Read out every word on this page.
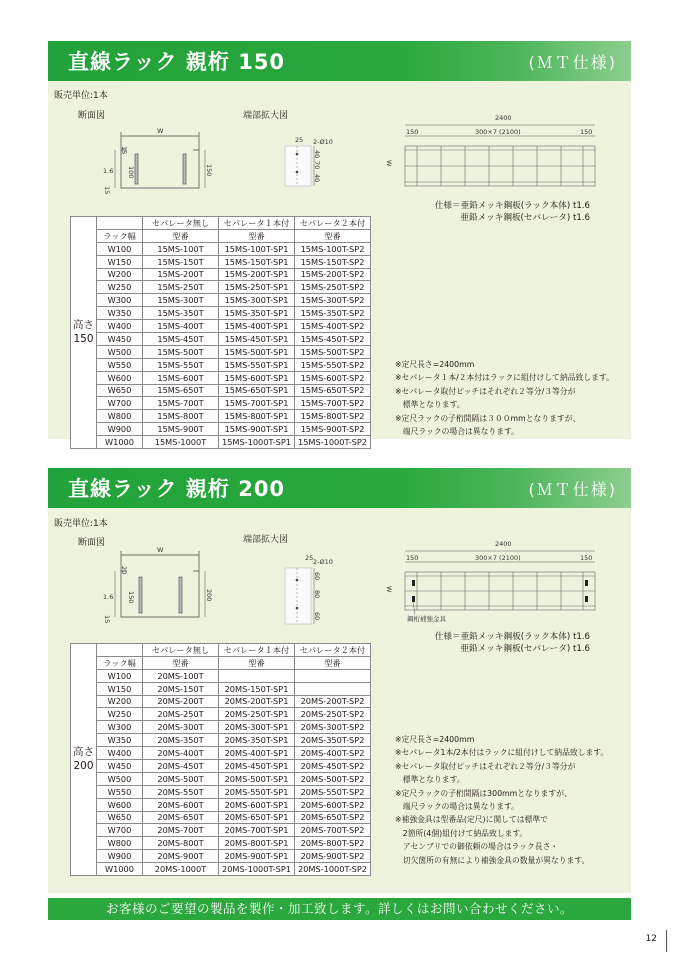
直線ラック 親桁 150	(ＭＴ仕様)
販売単位:1本
断面図	端部拡大図
W
15
100	150
1.6
15
25 2-Ø10
40
70
40
2400
150	300×7 (2100)	150
W
仕様＝亜鉛メッキ鋼板(ラック本体) t1.6
亜鉛メッキ鋼板(セパレータ) t1.6
高さ
150		セパレータ無し	セパレータ１本付	セパレータ２本付
	ラック幅	型番	型番	型番
	W100	15MS-100T	15MS-100T-SP1	15MS-100T-SP2
	W150	15MS-150T	15MS-150T-SP1	15MS-150T-SP2
	W200	15MS-200T	15MS-200T-SP1	15MS-200T-SP2
	W250	15MS-250T	15MS-250T-SP1	15MS-250T-SP2
	W300	15MS-300T	15MS-300T-SP1	15MS-300T-SP2
	W350	15MS-350T	15MS-350T-SP1	15MS-350T-SP2
	W400	15MS-400T	15MS-400T-SP1	15MS-400T-SP2
	W450	15MS-450T	15MS-450T-SP1	15MS-450T-SP2
	W500	15MS-500T	15MS-500T-SP1	15MS-500T-SP2
	W550	15MS-550T	15MS-550T-SP1	15MS-550T-SP2
	W600	15MS-600T	15MS-600T-SP1	15MS-600T-SP2
	W650	15MS-650T	15MS-650T-SP1	15MS-650T-SP2
	W700	15MS-700T	15MS-700T-SP1	15MS-700T-SP2
	W800	15MS-800T	15MS-800T-SP1	15MS-800T-SP2
	W900	15MS-900T	15MS-900T-SP1	15MS-900T-SP2
	W1000	15MS-1000T	15MS-1000T-SP1	15MS-1000T-SP2
※定尺長さ=2400mm
※セパレータ１本/２本付はラックに組付けして納品致します。
※セパレータ取付ピッチはそれぞれ２等分/３等分が
　標準となります。
※定尺ラックの子桁間隔は３００mmとなりますが、
　端尺ラックの場合は異なります。
直線ラック 親桁 200	(ＭＴ仕様)
販売単位:1本
断面図	端部拡大図
W
20
150	200
1.6
15
25 2-Ø10
60
80
60
2400
150	300×7 (2100)	150
W
鋼桁補強金具
仕様＝亜鉛メッキ鋼板(ラック本体) t1.6
亜鉛メッキ鋼板(セパレータ) t1.6
高さ
200		セパレータ無し	セパレータ１本付	セパレータ２本付
	ラック幅	型番	型番	型番
	W100	20MS-100T		
	W150	20MS-150T	20MS-150T-SP1	
	W200	20MS-200T	20MS-200T-SP1	20MS-200T-SP2
	W250	20MS-250T	20MS-250T-SP1	20MS-250T-SP2
	W300	20MS-300T	20MS-300T-SP1	20MS-300T-SP2
	W350	20MS-350T	20MS-350T-SP1	20MS-350T-SP2
	W400	20MS-400T	20MS-400T-SP1	20MS-400T-SP2
	W450	20MS-450T	20MS-450T-SP1	20MS-450T-SP2
	W500	20MS-500T	20MS-500T-SP1	20MS-500T-SP2
	W550	20MS-550T	20MS-550T-SP1	20MS-550T-SP2
	W600	20MS-600T	20MS-600T-SP1	20MS-600T-SP2
	W650	20MS-650T	20MS-650T-SP1	20MS-650T-SP2
	W700	20MS-700T	20MS-700T-SP1	20MS-700T-SP2
	W800	20MS-800T	20MS-800T-SP1	20MS-800T-SP2
	W900	20MS-900T	20MS-900T-SP1	20MS-900T-SP2
	W1000	20MS-1000T	20MS-1000T-SP1	20MS-1000T-SP2
※定尺長さ=2400mm
※セパレータ1本/2本付はラックに組付けして納品致します。
※セパレータ取付ピッチはそれぞれ２等分/３等分が
　標準となります。
※定尺ラックの子桁間隔は300mmとなりますが、
　端尺ラックの場合は異なります。
※補強金具は型番品(定尺)に関しては標準で
　2箇所(4個)組付けて納品致します。
　アセンブリでの御依頼の場合はラック長さ・
　切欠箇所の有無により補強金具の数量が異なります。
お客様のご要望の製品を製作・加工致します。詳しくはお問い合わせください。
12
